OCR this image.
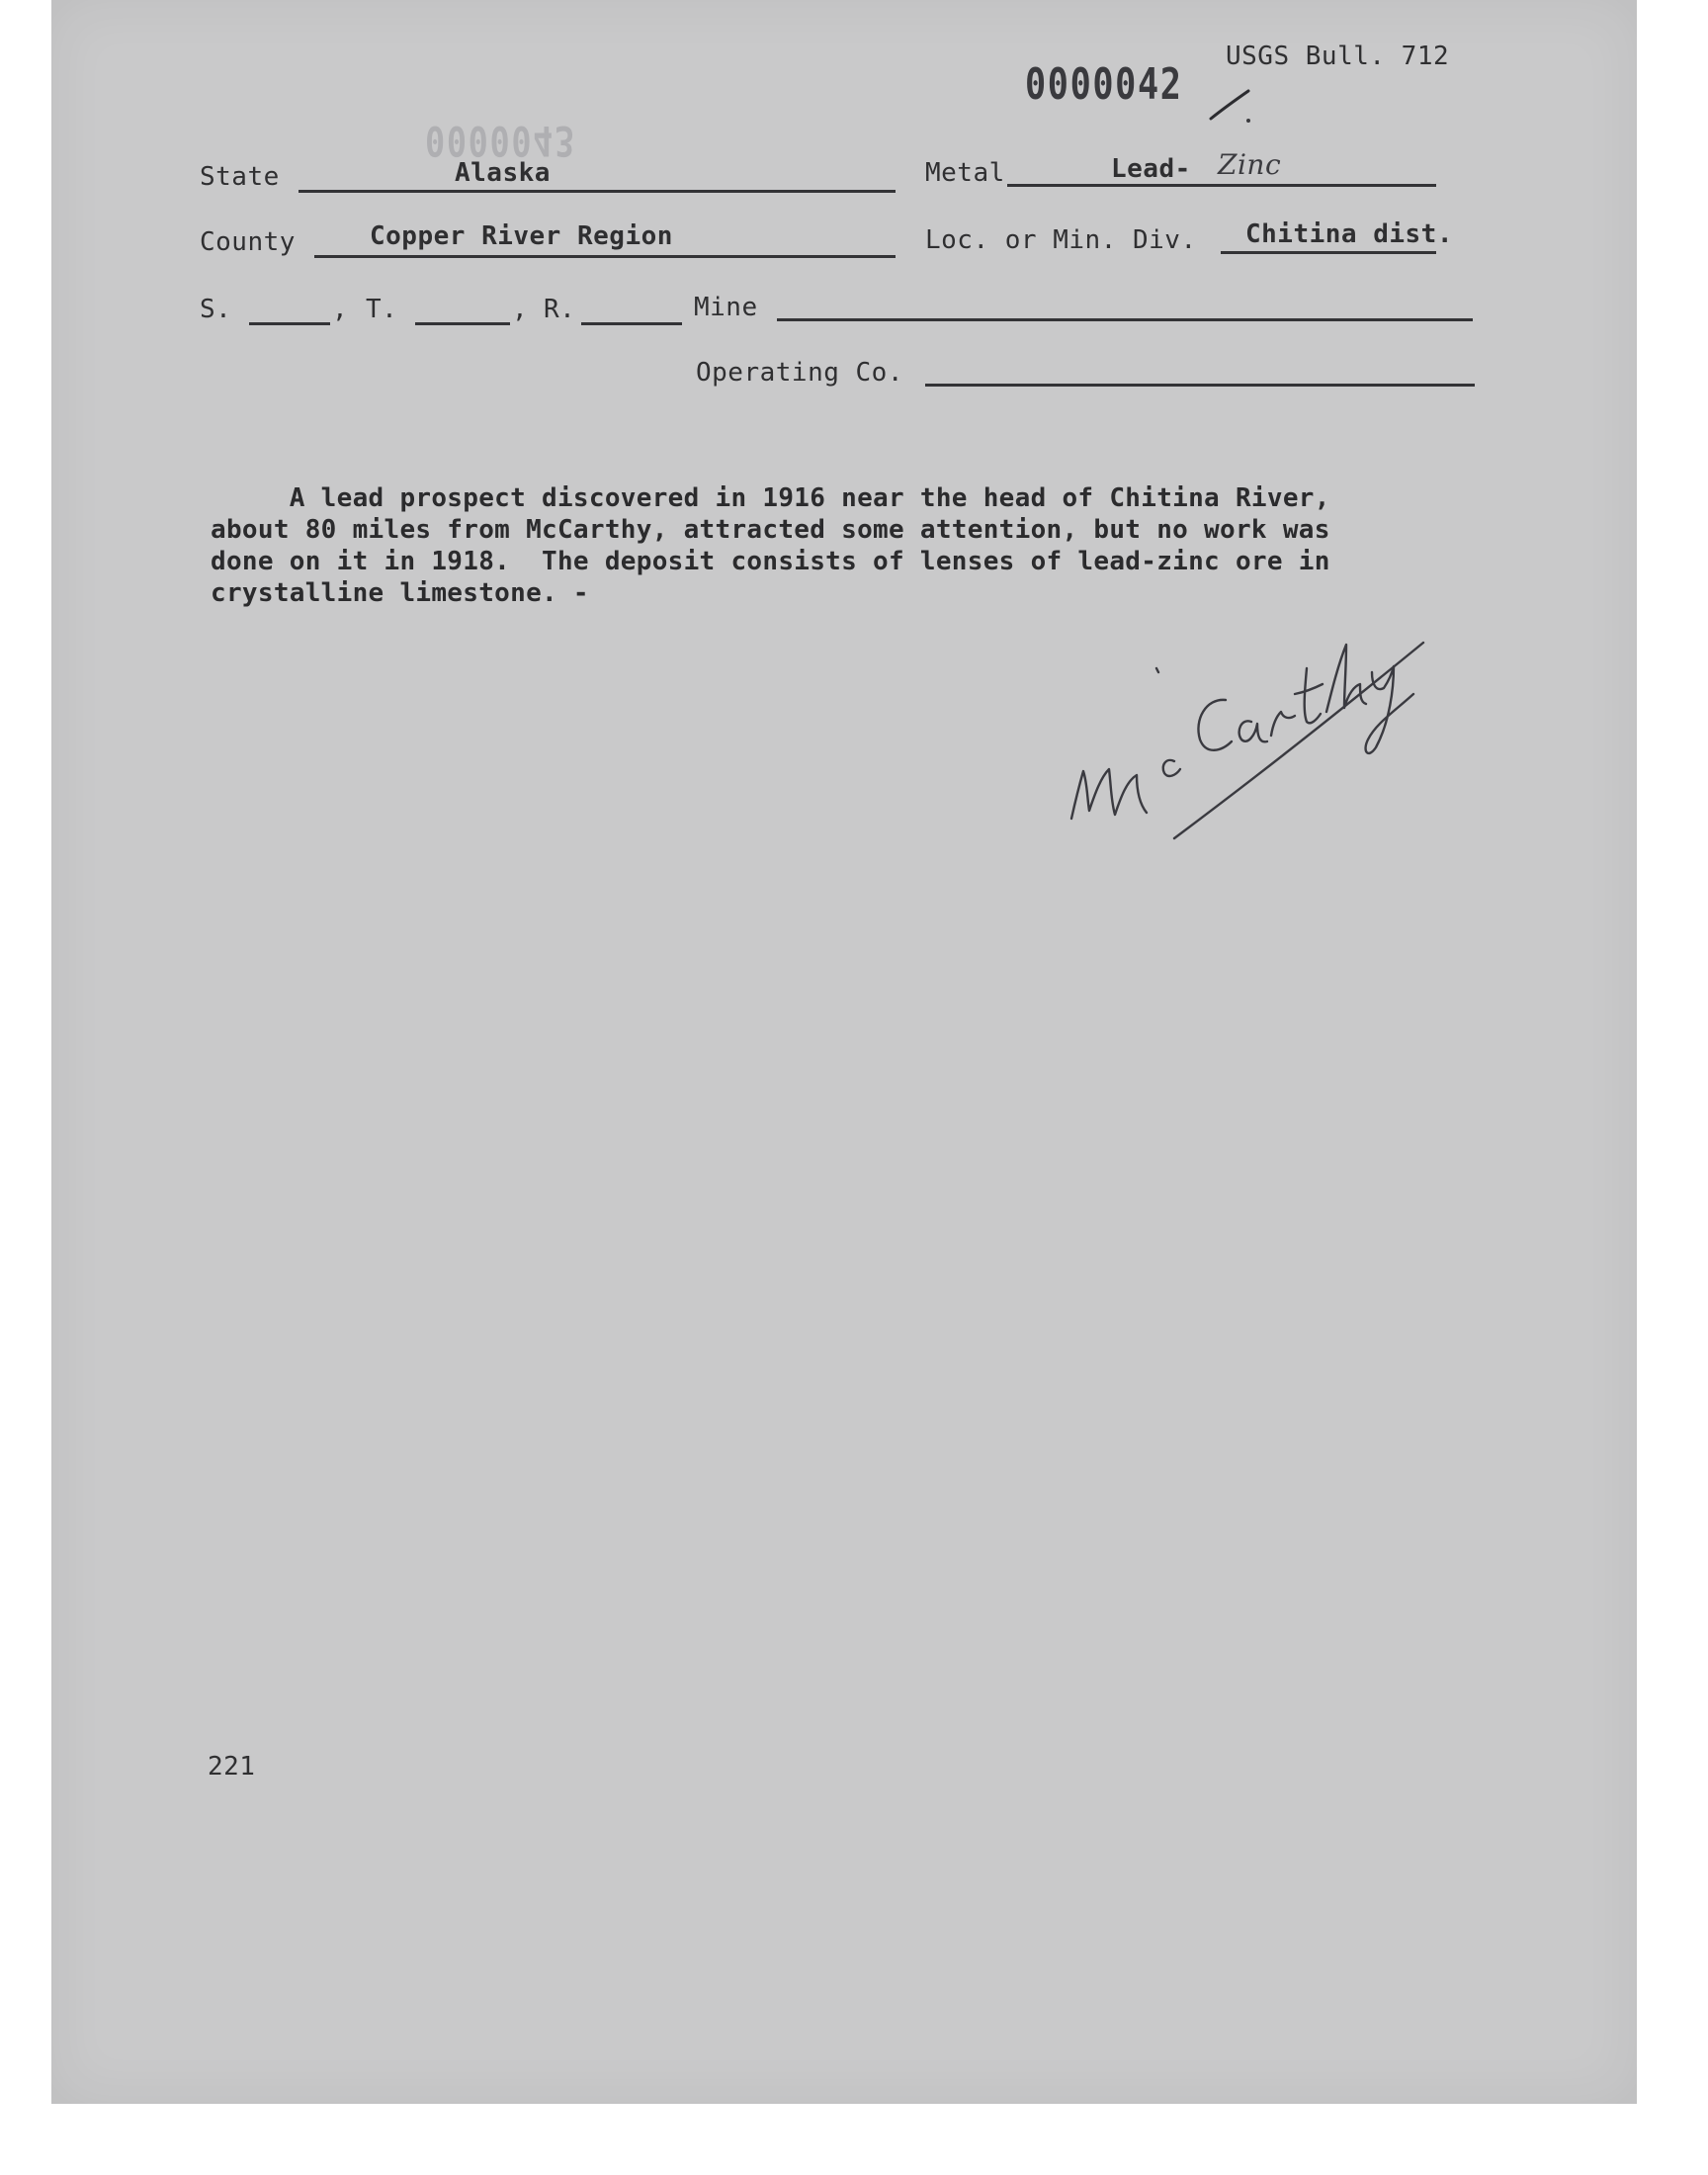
0000043
0000042
USGS Bull. 712
State	Alaska	Metal	Lead- Zinc
County	Copper River Region	Loc. or Min. Div. Chitina dist.
S.	, T.	, R.	Mine
Operating Co.
A lead prospect discovered in 1916 near the head of Chitina River,
about 80 miles from McCarthy, attracted some attention, but no work was
done on it in 1918.  The deposit consists of lenses of lead-zinc ore in
crystalline limestone. -
221
